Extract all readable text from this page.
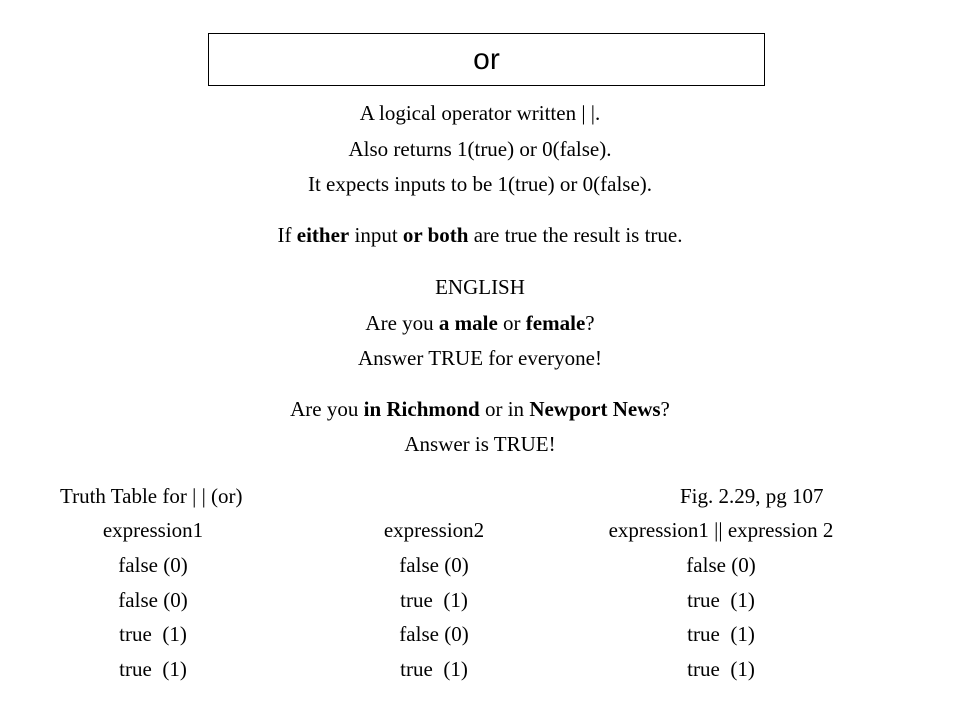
or
A logical operator written | |.
Also returns 1(true) or 0(false).
It expects inputs to be 1(true) or 0(false).
If either input or both are true the result is true.
ENGLISH
Are you a male or female?
Answer TRUE for everyone!
Are you in Richmond or in Newport News?
Answer is TRUE!
Truth Table for | | (or)	Fig. 2.29, pg 107
expression1	expression2	expression1 || expression 2
false (0)	false (0)	false (0)
false (0)	true  (1)	true  (1)
true  (1)	false (0)	true  (1)
true  (1)	true  (1)	true  (1)
